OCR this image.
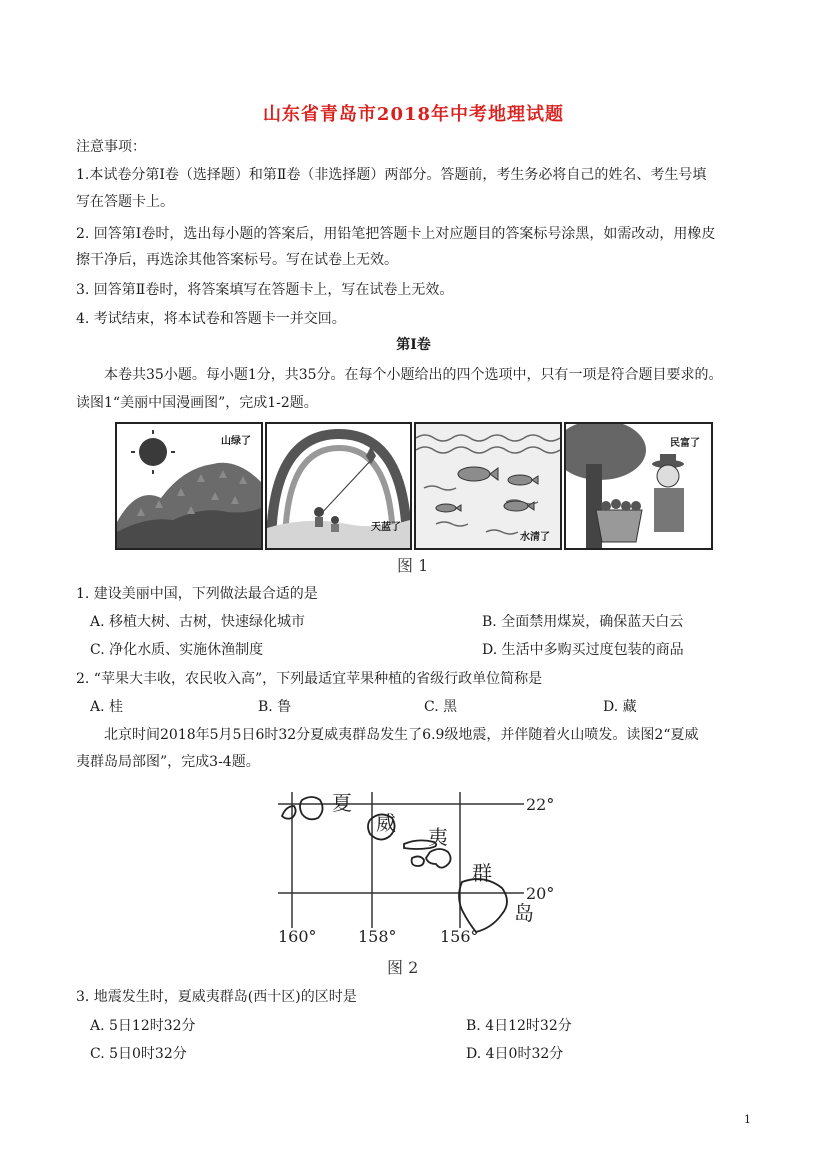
山东省青岛市2018年中考地理试题
注意事项：
1.本试卷分第Ⅰ卷（选择题）和第Ⅱ卷（非选择题）两部分。答题前，考生务必将自己的姓名、考生号填
写在答题卡上。
2. 回答第Ⅰ卷时，选出每小题的答案后，用铅笔把答题卡上对应题目的答案标号涂黑，如需改动，用橡皮
擦干净后，再选涂其他答案标号。写在试卷上无效。
3. 回答第Ⅱ卷时，将答案填写在答题卡上，写在试卷上无效。
4. 考试结束，将本试卷和答题卡一并交回。
第Ⅰ卷
本卷共35小题。每小题1分，共35分。在每个小题给出的四个选项中，只有一项是符合题目要求的。
读图1“美丽中国漫画图”，完成1-2题。
山绿了
天蓝了
水清了
民富了
图 1
1. 建设美丽中国，下列做法最合适的是
A. 移植大树、古树，快速绿化城市	B. 全面禁用煤炭，确保蓝天白云
C. 净化水质、实施休渔制度	D. 生活中多购买过度包装的商品
2. “苹果大丰收，农民收入高”，下列最适宜苹果种植的省级行政单位简称是
A. 桂	B. 鲁	C. 黑	D. 藏
北京时间2018年5月5日6时32分夏威夷群岛发生了6.9级地震，并伴随着火山喷发。读图2“夏威
夷群岛局部图”，完成3-4题。
夏
威
夷
群
岛
22°
20°
160°	158°	156°
图 2
3. 地震发生时，夏威夷群岛(西十区)的区时是
A. 5日12时32分	B. 4日12时32分
C. 5日0时32分	D. 4日0时32分
1
